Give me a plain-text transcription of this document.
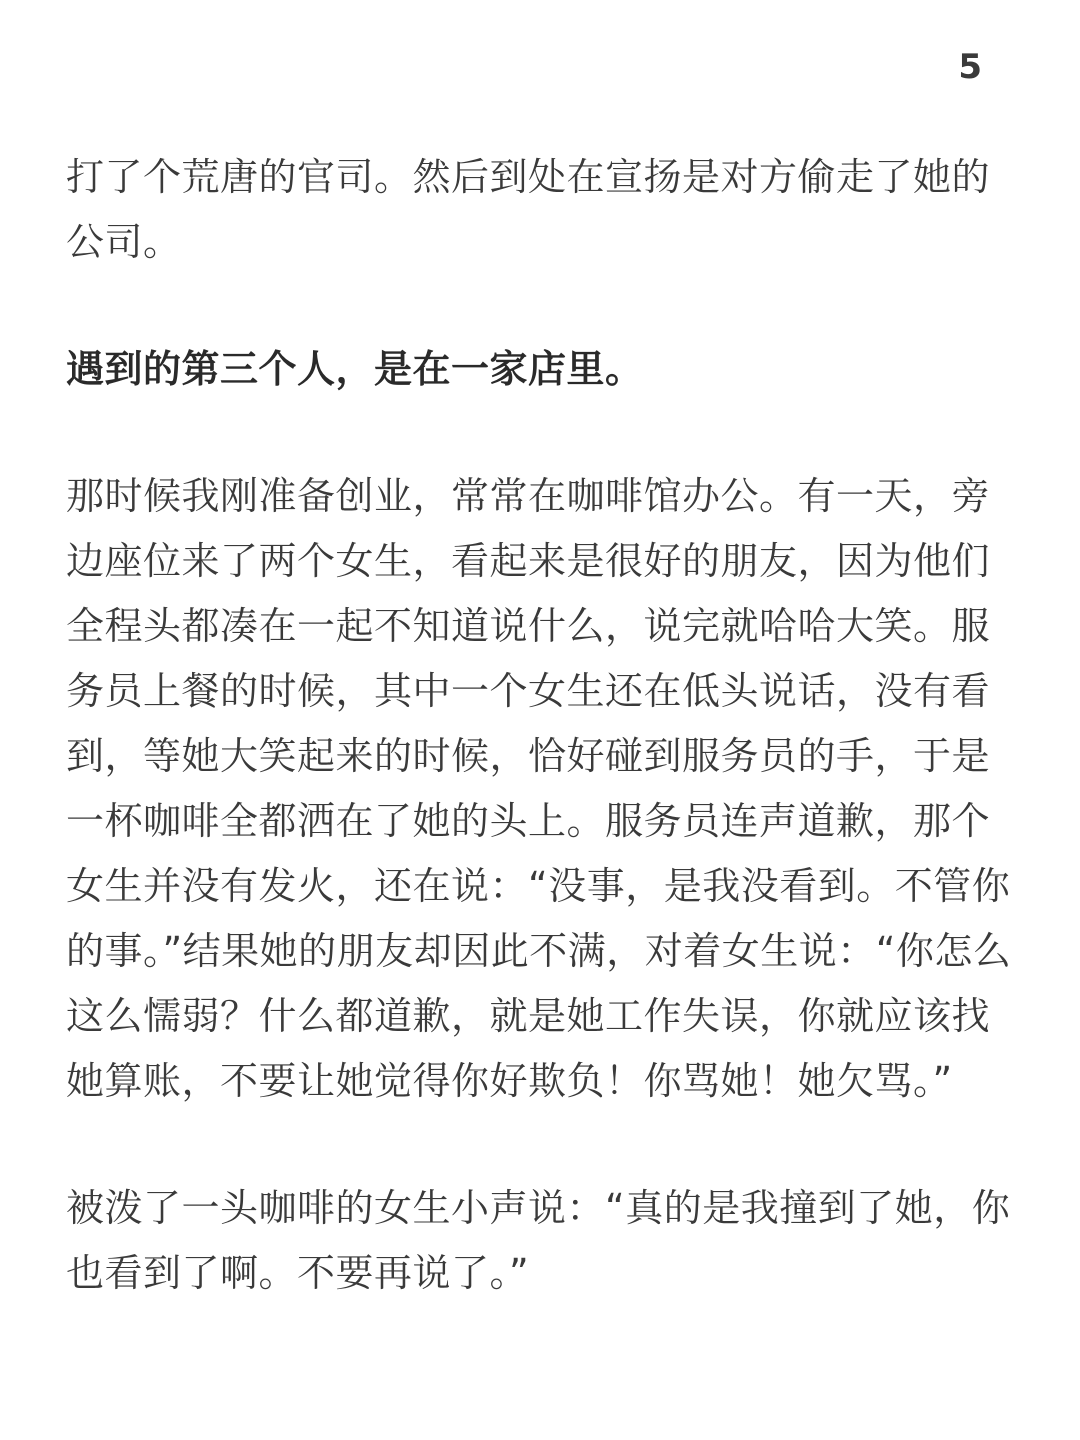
5

打了个荒唐的官司。然后到处在宣扬是对方偷走了她的公司。

遇到的第三个人，是在一家店里。

那时候我刚准备创业，常常在咖啡馆办公。有一天，旁边座位来了两个女生，看起来是很好的朋友，因为他们全程头都凑在一起不知道说什么，说完就哈哈大笑。服务员上餐的时候，其中一个女生还在低头说话，没有看到，等她大笑起来的时候，恰好碰到服务员的手，于是一杯咖啡全都洒在了她的头上。服务员连声道歉，那个女生并没有发火，还在说：“没事，是我没看到。不管你的事。”结果她的朋友却因此不满，对着女生说：“你怎么这么懦弱？什么都道歉，就是她工作失误，你就应该找她算账，不要让她觉得你好欺负！你骂她！她欠骂。”

被泼了一头咖啡的女生小声说：“真的是我撞到了她，你也看到了啊。不要再说了。”
